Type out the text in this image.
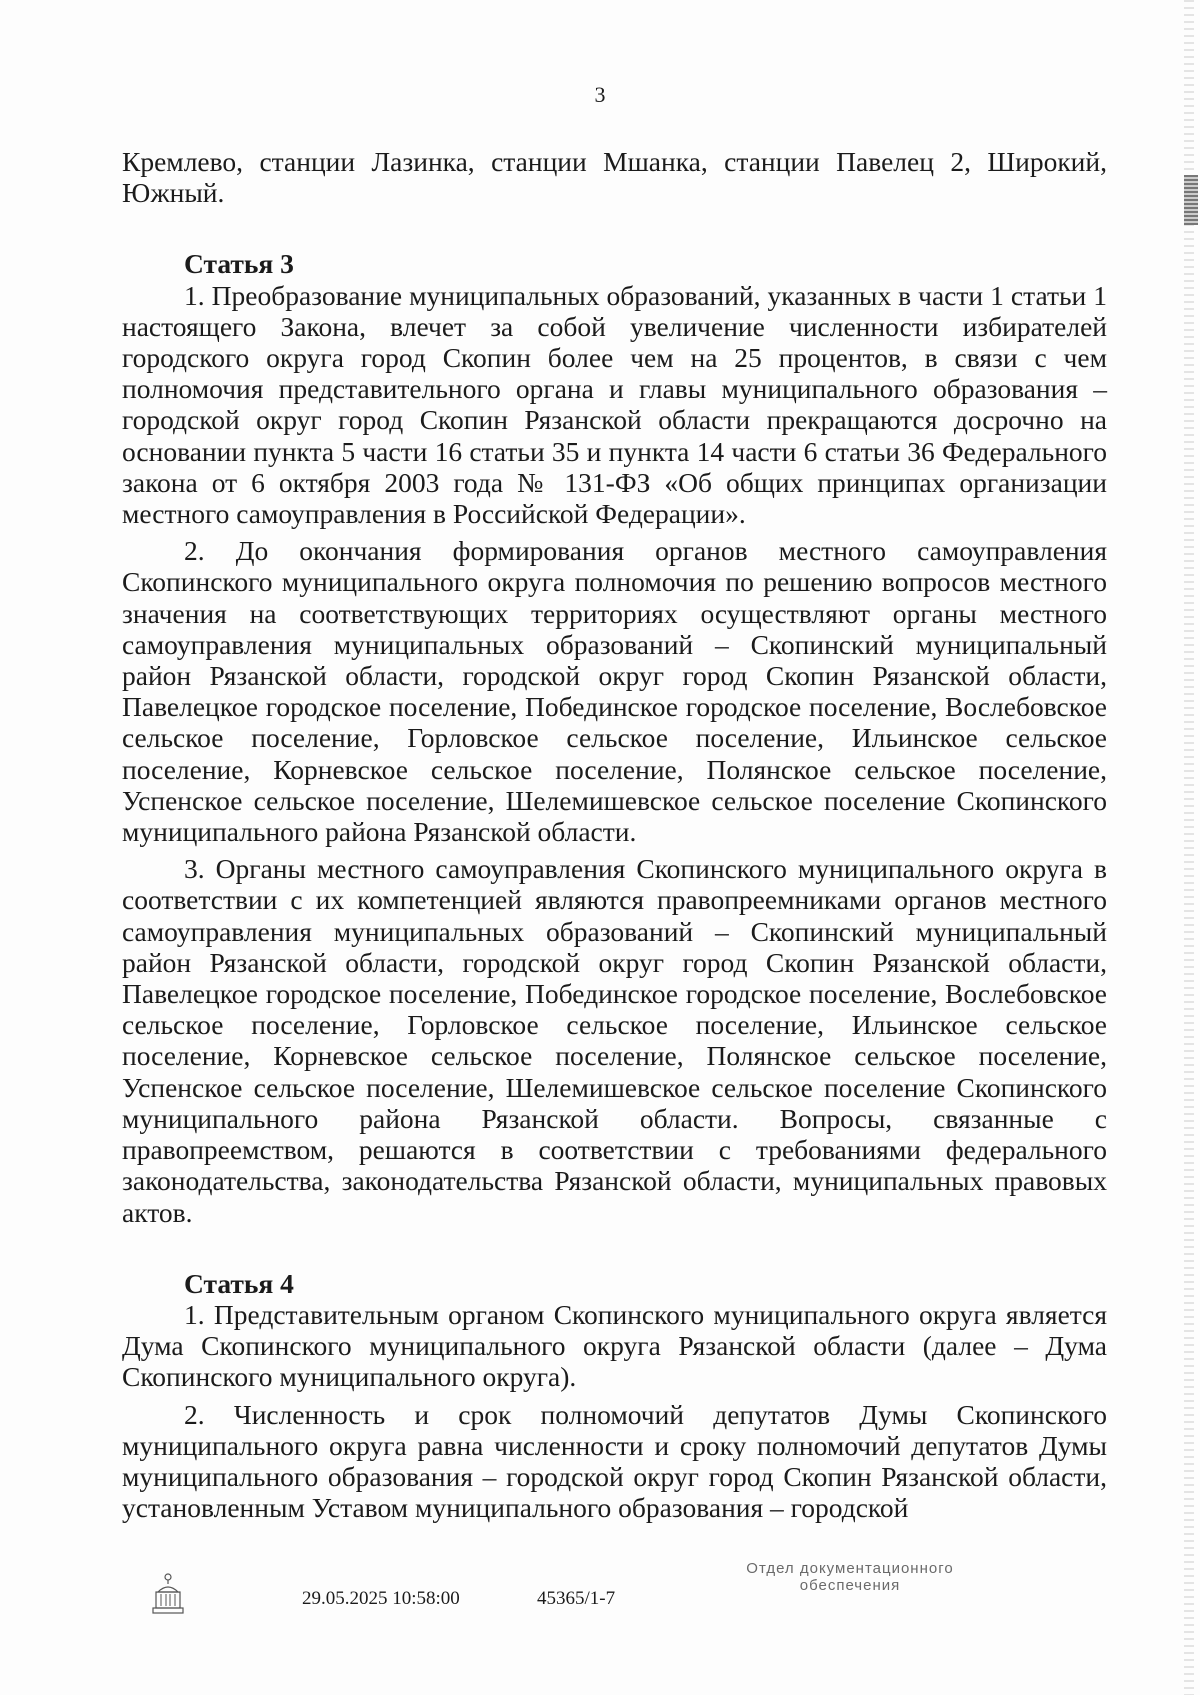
3

Кремлево, станции Лазинка, станции Мшанка, станции Павелец 2, Широкий, Южный.

Статья 3

1. Преобразование муниципальных образований, указанных в части 1 статьи 1 настоящего Закона, влечет за собой увеличение численности избирателей городского округа город Скопин более чем на 25 процентов, в связи с чем полномочия представительного органа и главы муниципального образования – городской округ город Скопин Рязанской области прекращаются досрочно на основании пункта 5 части 16 статьи 35 и пункта 14 части 6 статьи 36 Федерального закона от 6 октября 2003 года № 131-ФЗ «Об общих принципах организации местного самоуправления в Российской Федерации».

2. До окончания формирования органов местного самоуправления Скопинского муниципального округа полномочия по решению вопросов местного значения на соответствующих территориях осуществляют органы местного самоуправления муниципальных образований – Скопинский муниципальный район Рязанской области, городской округ город Скопин Рязанской области, Павелецкое городское поселение, Побединское городское поселение, Вослебовское сельское поселение, Горловское сельское поселение, Ильинское сельское поселение, Корневское сельское поселение, Полянское сельское поселение, Успенское сельское поселение, Шелемишевское сельское поселение Скопинского муниципального района Рязанской области.

3. Органы местного самоуправления Скопинского муниципального округа в соответствии с их компетенцией являются правопреемниками органов местного самоуправления муниципальных образований – Скопинский муниципальный район Рязанской области, городской округ город Скопин Рязанской области, Павелецкое городское поселение, Побединское городское поселение, Вослебовское сельское поселение, Горловское сельское поселение, Ильинское сельское поселение, Корневское сельское поселение, Полянское сельское поселение, Успенское сельское поселение, Шелемишевское сельское поселение Скопинского муниципального района Рязанской области. Вопросы, связанные с правопреемством, решаются в соответствии с требованиями федерального законодательства, законодательства Рязанской области, муниципальных правовых актов.

Статья 4

1. Представительным органом Скопинского муниципального округа является Дума Скопинского муниципального округа Рязанской области (далее – Дума Скопинского муниципального округа).

2. Численность и срок полномочий депутатов Думы Скопинского муниципального округа равна численности и сроку полномочий депутатов Думы муниципального образования – городской округ город Скопин Рязанской области, установленным Уставом муниципального образования – городской

29.05.2025 10:58:00	45365/1-7
Отдел документационного
обеспечения
